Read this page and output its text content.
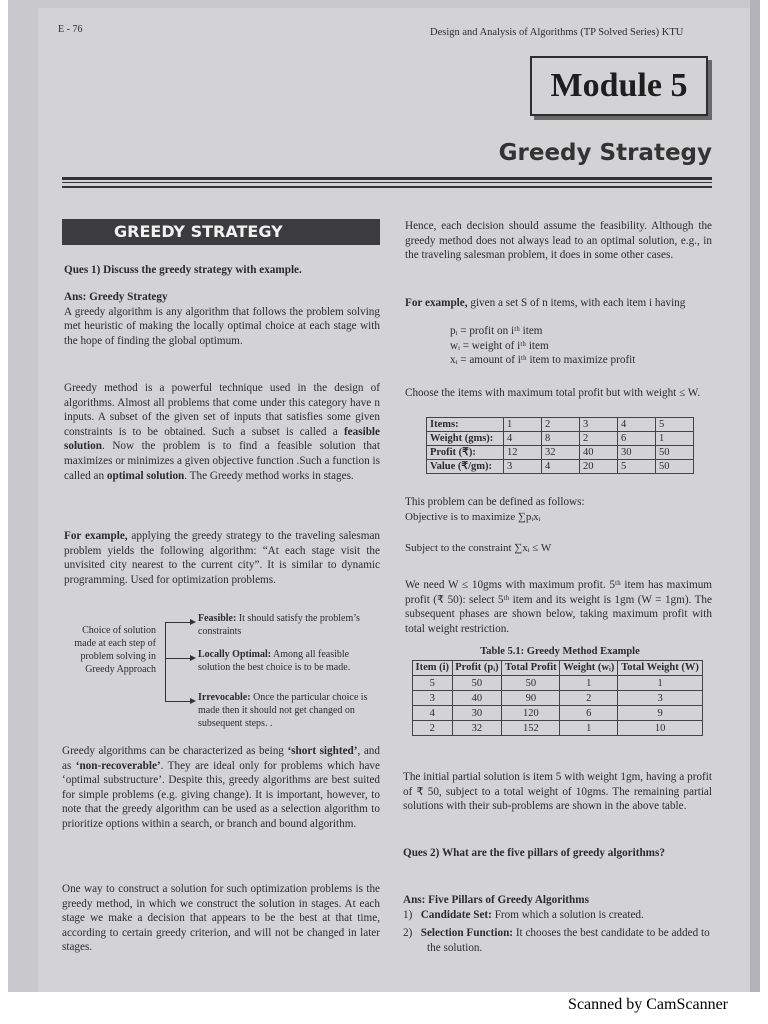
E - 76	Design and Analysis of Algorithms (TP Solved Series) KTU
Module 5
Greedy Strategy
GREEDY STRATEGY

Ques 1) Discuss the greedy strategy with example.

Ans: Greedy Strategy

A greedy algorithm is any algorithm that follows the problem solving met heuristic of making the locally optimal choice at each stage with the hope of finding the global optimum.

Greedy method is a powerful technique used in the design of algorithms. Almost all problems that come under this category have n inputs. A subset of the given set of inputs that satisfies some given constraints is to be obtained. Such a subset is called a feasible solution. Now the problem is to find a feasible solution that maximizes or minimizes a given objective function .Such a function is called an optimal solution. The Greedy method works in stages.

For example, applying the greedy strategy to the traveling salesman problem yields the following algorithm: “At each stage visit the unvisited city nearest to the current city”. It is similar to dynamic programming. Used for optimization problems.

Choice of solution made at each step of problem solving in Greedy Approach
Feasible: It should satisfy the problem’s constraints
Locally Optimal: Among all feasible solution the best choice is to be made.
Irrevocable: Once the particular choice is made then it should not get changed on subsequent steps. .

Greedy algorithms can be characterized as being ‘short sighted’, and as ‘non-recoverable’. They are ideal only for problems which have ‘optimal substructure’. Despite this, greedy algorithms are best suited for simple problems (e.g. giving change). It is important, however, to note that the greedy algorithm can be used as a selection algorithm to prioritize options within a search, or branch and bound algorithm.

One way to construct a solution for such optimization problems is the greedy method, in which we construct the solution in stages. At each stage we make a decision that appears to be the best at that time, according to certain greedy criterion, and will not be changed in later stages.

Hence, each decision should assume the feasibility. Although the greedy method does not always lead to an optimal solution, e.g., in the traveling salesman problem, it does in some other cases.

For example, given a set S of n items, with each item i having

pᵢ = profit on iᵗʰ item

wᵢ = weight of iᵗʰ item

xᵢ = amount of iᵗʰ item to maximize profit

Choose the items with maximum total profit but with weight ≤ W.

Items:	1	2	3	4	5
Weight (gms):	4	8	2	6	1
Profit (₹):	12	32	40	30	50
Value (₹/gm):	3	4	20	5	50

This problem can be defined as follows:

Objective is to maximize ∑pᵢxᵢ

Subject to the constraint ∑xᵢ ≤ W

We need W ≤ 10gms with maximum profit. 5ᵗʰ item has maximum profit (₹ 50): select 5ᵗʰ item and its weight is 1gm (W = 1gm). The subsequent phases are shown below, taking maximum profit with total weight restriction.

Table 5.1: Greedy Method Example
Item (i)	Profit (pᵢ)	Total Profit	Weight (wᵢ)	Total Weight (W)
5	50	50	1	1
3	40	90	2	3
4	30	120	6	9
2	32	152	1	10

The initial partial solution is item 5 with weight 1gm, having a profit of ₹ 50, subject to a total weight of 10gms. The remaining partial solutions with their sub-problems are shown in the above table.

Ques 2) What are the five pillars of greedy algorithms?

Ans: Five Pillars of Greedy Algorithms

1) Candidate Set: From which a solution is created.

2) Selection Function: It chooses the best candidate to be added to the solution.

Scanned by CamScanner
